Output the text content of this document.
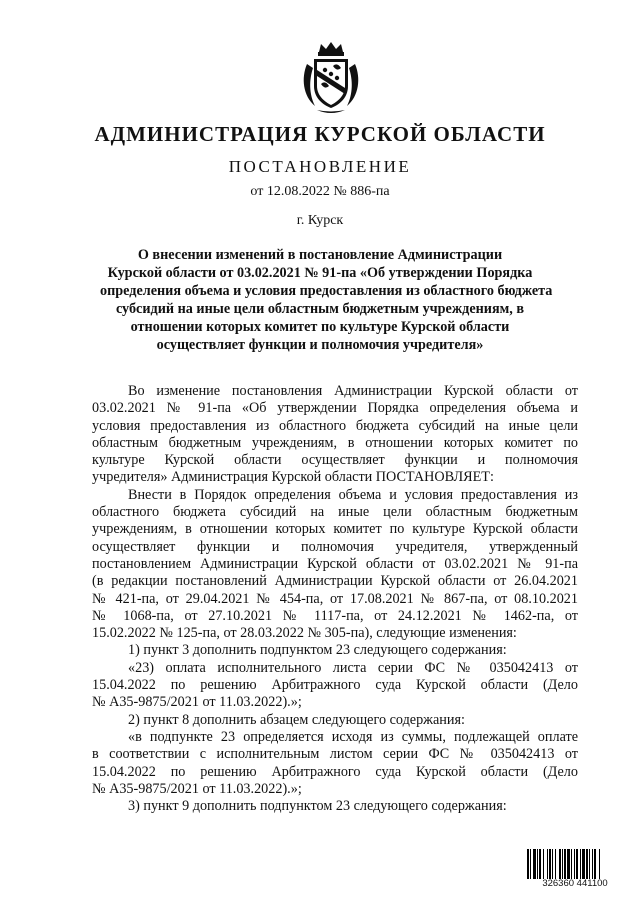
АДМИНИСТРАЦИЯ КУРСКОЙ ОБЛАСТИ
ПОСТАНОВЛЕНИЕ
от 12.08.2022 № 886-па
г. Курск
О внесении изменений в постановление Администрации
Курской области от 03.02.2021 № 91-па «Об утверждении Порядка
определения объема и условия предоставления из областного бюджета
субсидий на иные цели областным бюджетным учреждениям, в
отношении которых комитет по культуре Курской области
осуществляет функции и полномочия учредителя»
Во изменение постановления Администрации Курской области от
03.02.2021 № 91-па «Об утверждении Порядка определения объема и
условия предоставления из областного бюджета субсидий на иные цели
областным бюджетным учреждениям, в отношении которых комитет по
культуре Курской области осуществляет функции и полномочия
учредителя» Администрация Курской области ПОСТАНОВЛЯЕТ:
Внести в Порядок определения объема и условия предоставления из
областного бюджета субсидий на иные цели областным бюджетным
учреждениям, в отношении которых комитет по культуре Курской области
осуществляет функции и полномочия учредителя, утвержденный
постановлением Администрации Курской области от 03.02.2021 № 91-па
(в редакции постановлений Администрации Курской области от 26.04.2021
№ 421-па, от 29.04.2021 № 454-па, от 17.08.2021 № 867-па, от 08.10.2021
№ 1068-па, от 27.10.2021 № 1117-па, от 24.12.2021 № 1462-па, от
15.02.2022 № 125-па, от 28.03.2022 № 305-па), следующие изменения:
1) пункт 3 дополнить подпунктом 23 следующего содержания:
«23) оплата исполнительного листа серии ФС № 035042413 от
15.04.2022 по решению Арбитражного суда Курской области (Дело
№ А35-9875/2021 от 11.03.2022).»;
2) пункт 8 дополнить абзацем следующего содержания:
«в подпункте 23 определяется исходя из суммы, подлежащей оплате
в соответствии с исполнительным листом серии ФС № 035042413 от
15.04.2022 по решению Арбитражного суда Курской области (Дело
№ А35-9875/2021 от 11.03.2022).»;
3) пункт 9 дополнить подпунктом 23 следующего содержания:
326360 441100
